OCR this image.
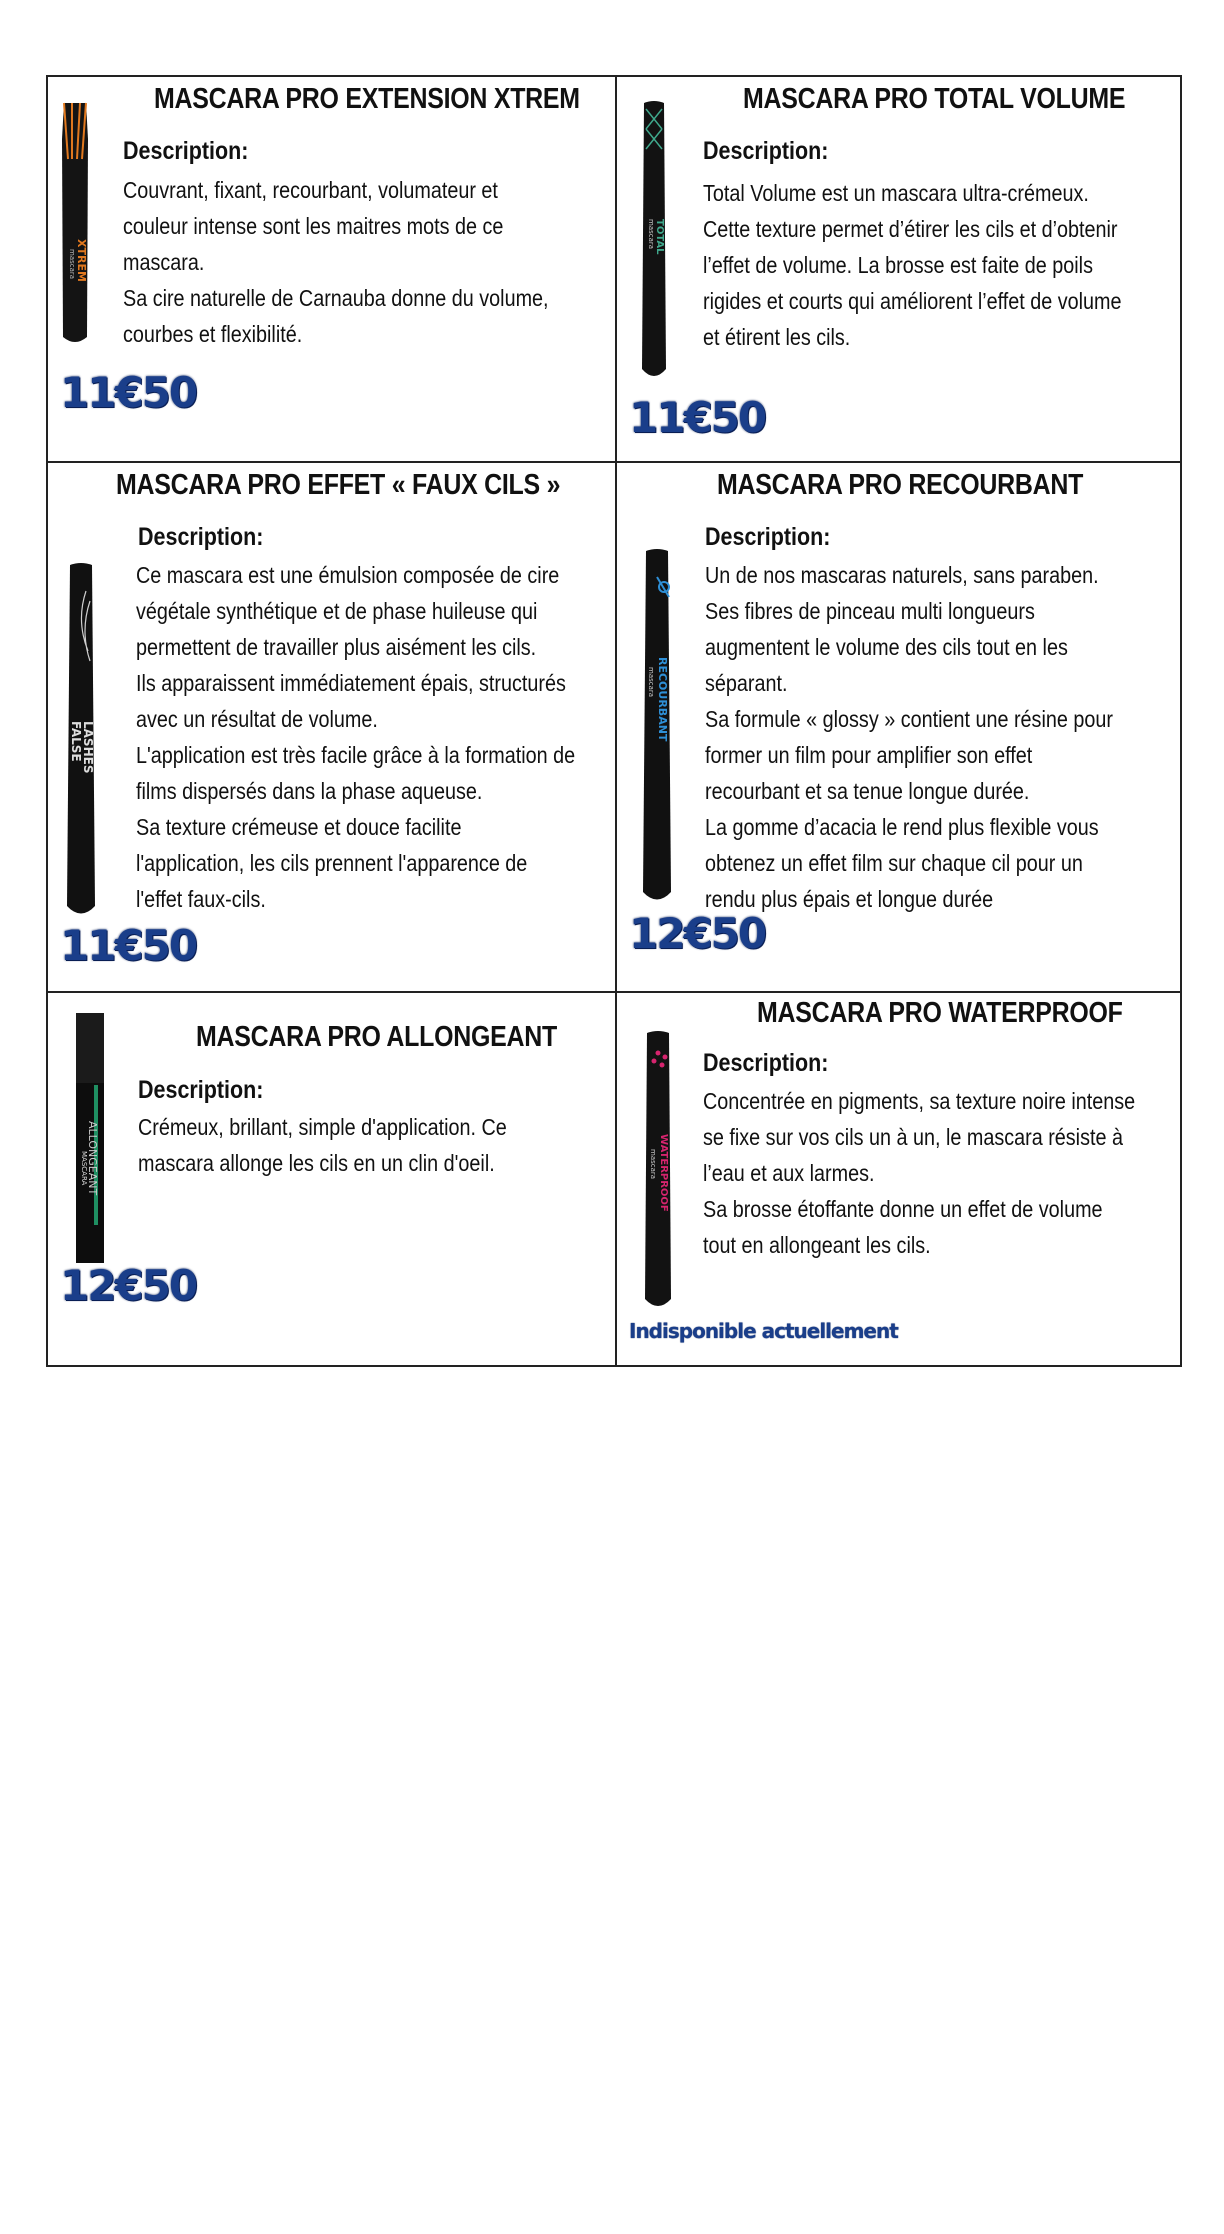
mascara XTREM
MASCARA PRO EXTENSION XTREM
Description:

Couvrant, fixant, recourbant, volumateur et

couleur intense sont les maitres mots de ce

mascara.

Sa cire naturelle de Carnauba donne du volume,

courbes et flexibilité.

11€50
mascara TOTAL
MASCARA PRO TOTAL VOLUME
Description:

Total Volume est un mascara ultra-crémeux.

Cette texture permet d’étirer les cils et d’obtenir

l’effet de volume. La brosse est faite de poils

rigides et courts qui améliorent l’effet de volume

et étirent les cils.

11€50
FALSE
LASHES
MASCARA PRO EFFET « FAUX CILS »
Description:

Ce mascara est une émulsion composée de cire

végétale synthétique et de phase huileuse qui

permettent de travailler plus aisément les cils.

Ils apparaissent immédiatement épais, structurés

avec un résultat de volume.

L'application est très facile grâce à la formation de

films dispersés dans la phase aqueuse.

Sa texture crémeuse et douce facilite

l'application, les cils prennent l'apparence de

l'effet faux-cils.

11€50
mascara RECOURBANT
MASCARA PRO RECOURBANT
Description:

Un de nos mascaras naturels, sans paraben.

Ses fibres de pinceau multi longueurs

augmentent le volume des cils tout en les

séparant.

Sa formule « glossy » contient une résine pour

former un film pour amplifier son effet

recourbant et sa tenue longue durée.

La gomme d’acacia le rend plus flexible vous

obtenez un effet film sur chaque cil pour un

rendu plus épais et longue durée

12€50
MASCARA
ALLONGEANT
MASCARA PRO ALLONGEANT
Description:

Crémeux, brillant, simple d'application. Ce

mascara allonge les cils en un clin d'oeil.

12€50
mascara WATERPROOF
MASCARA PRO WATERPROOF
Description:

Concentrée en pigments, sa texture noire intense

se fixe sur vos cils un à un, le mascara résiste à

l’eau et aux larmes.

Sa brosse étoffante donne un effet de volume

tout en allongeant les cils.

Indisponible actuellement
